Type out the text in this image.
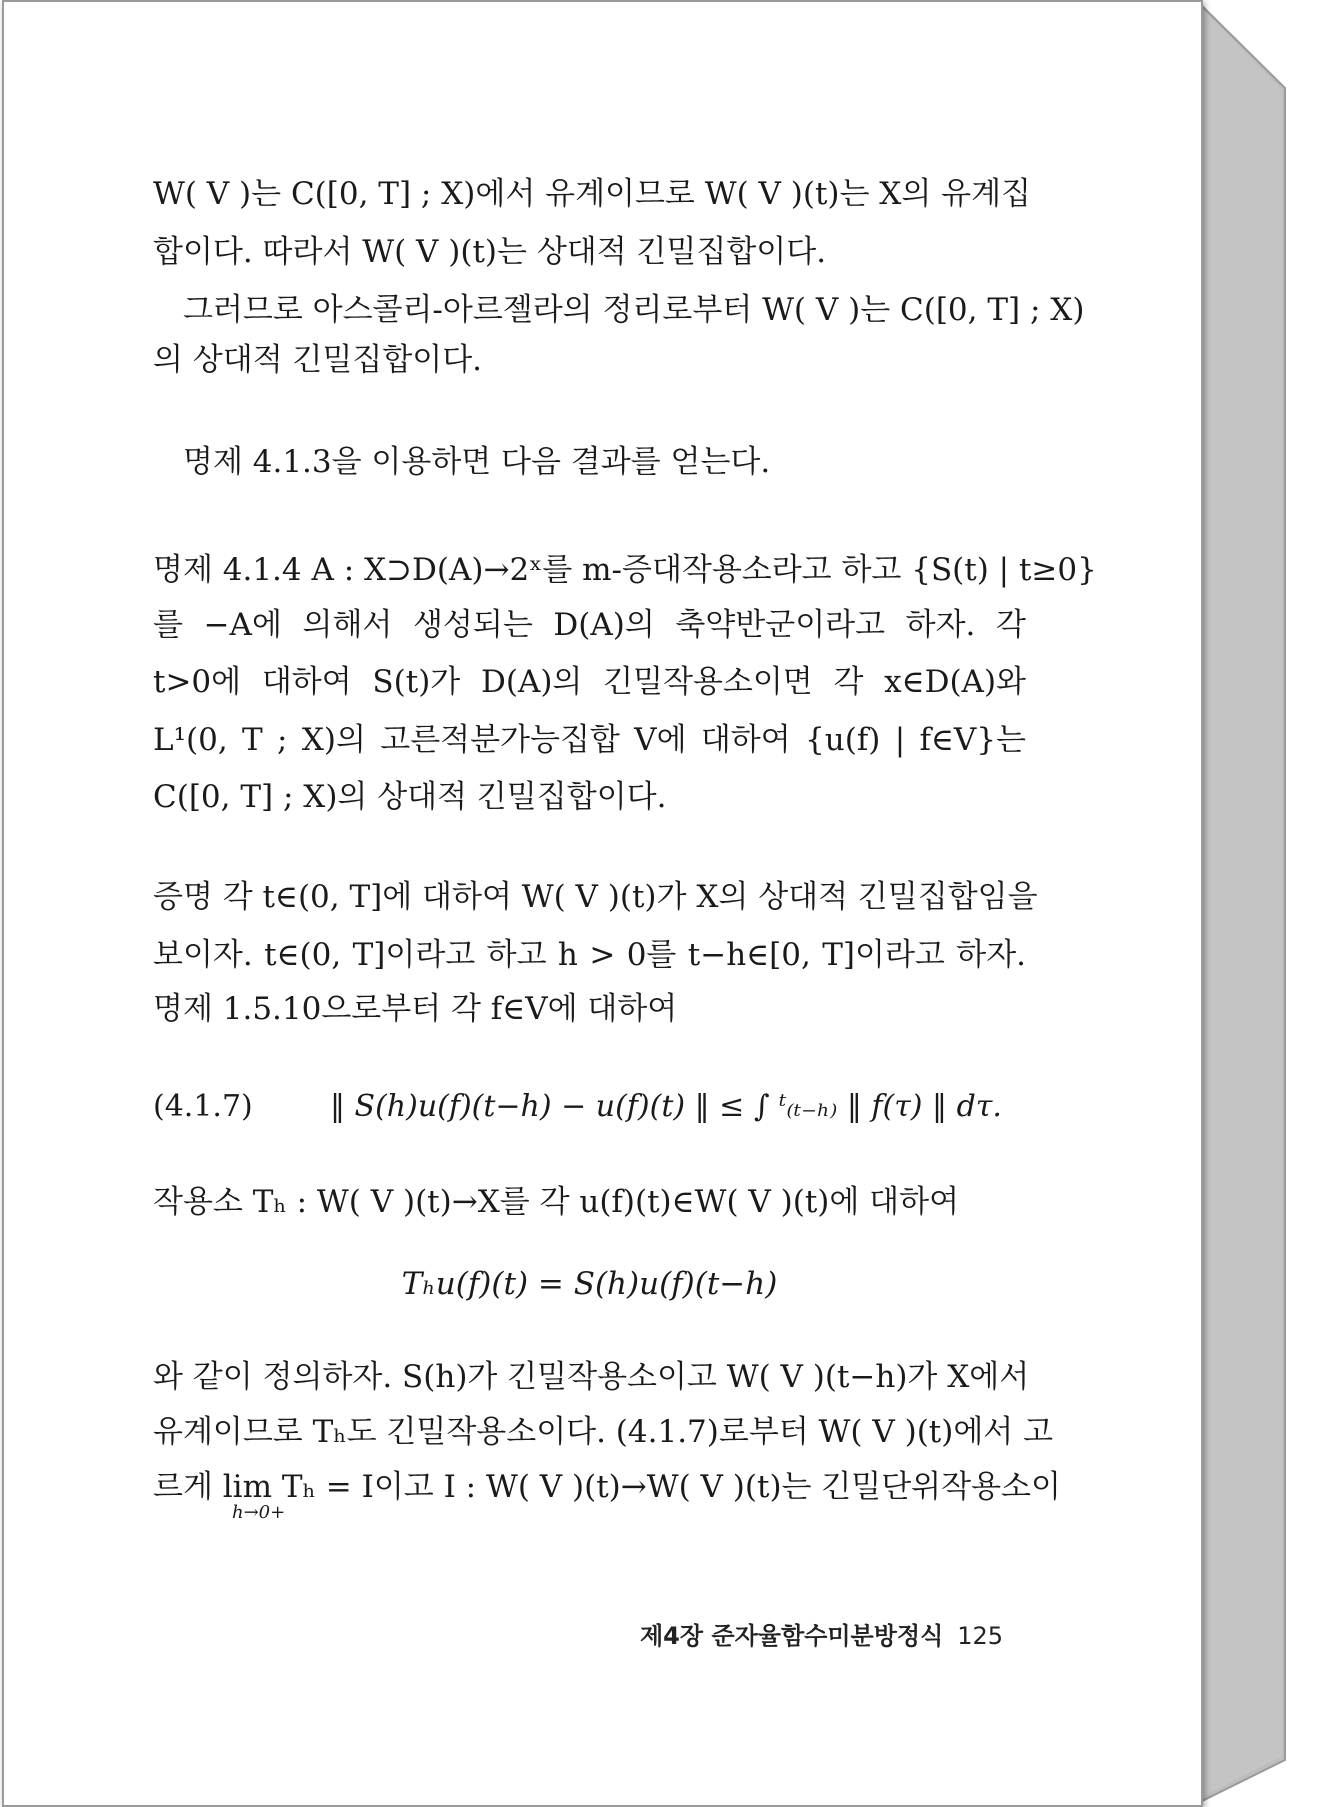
W( V )는 C([0, T] ; X)에서 유계이므로 W( V )(t)는 X의 유계집

합이다. 따라서 W( V )(t)는 상대적 긴밀집합이다.

그러므로 아스콜리-아르젤라의 정리로부터 W( V )는 C([0, T] ; X)

의 상대적 긴밀집합이다.

명제 4.1.3을 이용하면 다음 결과를 얻는다.

명제 4.1.4 A : X⊃D(A)→2ˣ를 m-증대작용소라고 하고 {S(t) | t≥0}

를 −A에 의해서 생성되는 D(A)의 축약반군이라고 하자. 각

t>0에 대하여 S(t)가 D(A)의 긴밀작용소이면 각 x∈D(A)와

L¹(0, T ; X)의 고른적분가능집합 V에 대하여 {u(f) | f∈V}는

C([0, T] ; X)의 상대적 긴밀집합이다.

증명 각 t∈(0, T]에 대하여 W( V )(t)가 X의 상대적 긴밀집합임을

보이자. t∈(0, T]이라고 하고 h > 0를 t−h∈[0, T]이라고 하자.

명제 1.5.10으로부터 각 f∈V에 대하여

(4.1.7)	‖ S(h)u(f)(t−h) − u(f)(t) ‖ ≤ ∫ ᵗ₍ₜ₋ₕ₎ ‖ f(τ) ‖ dτ.

작용소 Tₕ : W( V )(t)→X를 각 u(f)(t)∈W( V )(t)에 대하여

Tₕu(f)(t) = S(h)u(f)(t−h)

와 같이 정의하자. S(h)가 긴밀작용소이고 W( V )(t−h)가 X에서

유계이므로 Tₕ도 긴밀작용소이다. (4.1.7)로부터 W( V )(t)에서 고

르게 lim Tₕ = I이고 I : W( V )(t)→W( V )(t)는 긴밀단위작용소이

h→0+
제4장 준자율함수미분방정식 125
